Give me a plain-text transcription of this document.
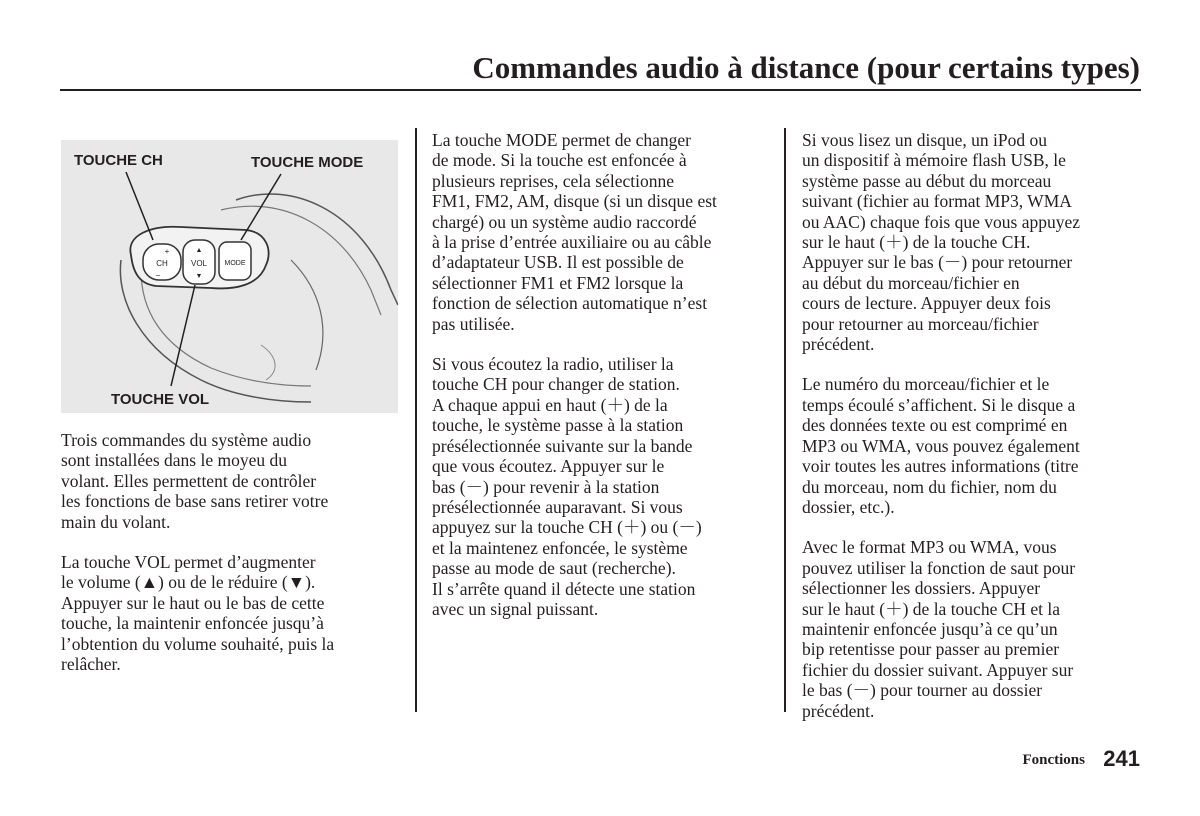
Commandes audio à distance (pour certains types)
CH
+
−
VOL MODE
TOUCHE CH	TOUCHE MODE
TOUCHE VOL

Trois commandes du système audio
sont installées dans le moyeu du
volant. Elles permettent de contrôler
les fonctions de base sans retirer votre
main du volant.

La touche VOL permet d’augmenter
le volume (▲) ou de le réduire (▼).
Appuyer sur le haut ou le bas de cette
touche, la maintenir enfoncée jusqu’à
l’obtention du volume souhaité, puis la
relâcher.

La touche MODE permet de changer
de mode. Si la touche est enfoncée à
plusieurs reprises, cela sélectionne
FM1, FM2, AM, disque (si un disque est
chargé) ou un système audio raccordé
à la prise d’entrée auxiliaire ou au câble
d’adaptateur USB. Il est possible de
sélectionner FM1 et FM2 lorsque la
fonction de sélection automatique n’est
pas utilisée.

Si vous écoutez la radio, utiliser la
touche CH pour changer de station.
A chaque appui en haut (＋) de la
touche, le système passe à la station
présélectionnée suivante sur la bande
que vous écoutez. Appuyer sur le
bas (－) pour revenir à la station
présélectionnée auparavant. Si vous
appuyez sur la touche CH (＋) ou (－)
et la maintenez enfoncée, le système
passe au mode de saut (recherche).
Il s’arrête quand il détecte une station
avec un signal puissant.

Si vous lisez un disque, un iPod ou
un dispositif à mémoire flash USB, le
système passe au début du morceau
suivant (fichier au format MP3, WMA
ou AAC) chaque fois que vous appuyez
sur le haut (＋) de la touche CH.
Appuyer sur le bas (－) pour retourner
au début du morceau/fichier en
cours de lecture. Appuyer deux fois
pour retourner au morceau/fichier
précédent.

Le numéro du morceau/fichier et le
temps écoulé s’affichent. Si le disque a
des données texte ou est comprimé en
MP3 ou WMA, vous pouvez également
voir toutes les autres informations (titre
du morceau, nom du fichier, nom du
dossier, etc.).

Avec le format MP3 ou WMA, vous
pouvez utiliser la fonction de saut pour
sélectionner les dossiers. Appuyer
sur le haut (＋) de la touche CH et la
maintenir enfoncée jusqu’à ce qu’un
bip retentisse pour passer au premier
fichier du dossier suivant. Appuyer sur
le bas (－) pour tourner au dossier
précédent.

Fonctions 241
